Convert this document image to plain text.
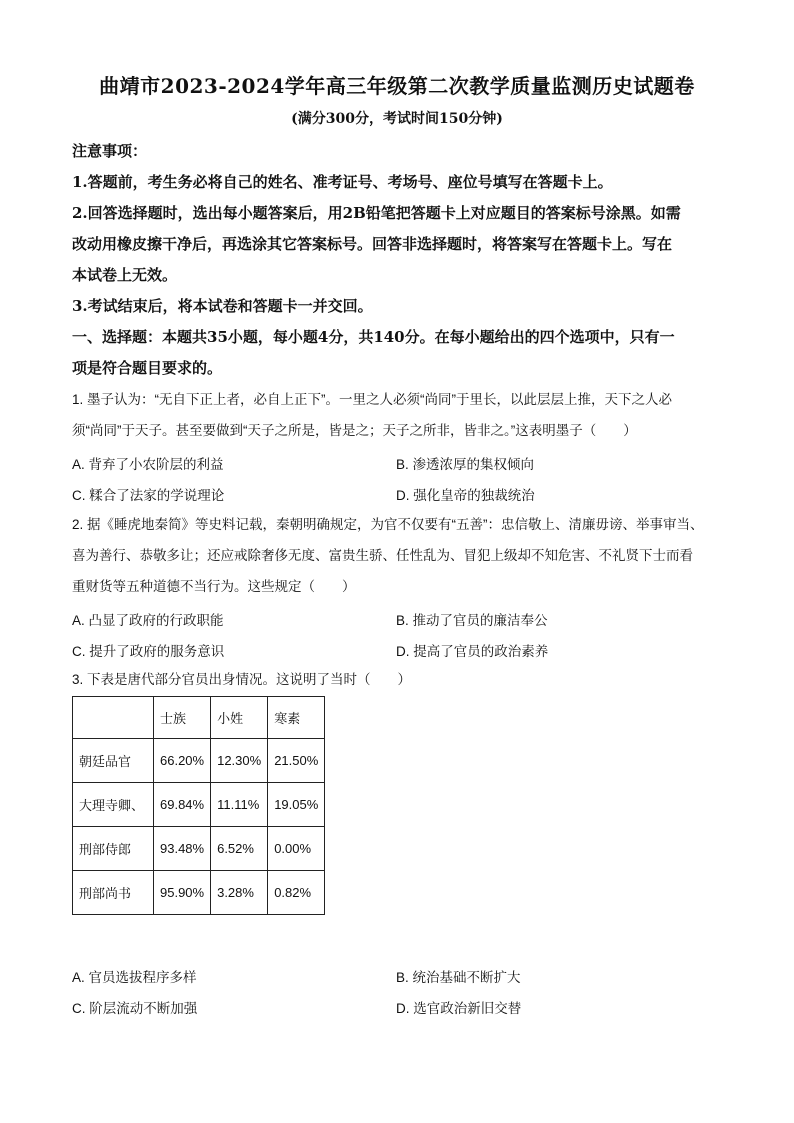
曲靖市2023-2024学年高三年级第二次教学质量监测历史试题卷
(满分300分，考试时间150分钟)

注意事项：

1.答题前，考生务必将自己的姓名、准考证号、考场号、座位号填写在答题卡上。

2.回答选择题时，选出每小题答案后，用2B铅笔把答题卡上对应题目的答案标号涂黑。如需

改动用橡皮擦干净后，再选涂其它答案标号。回答非选择题时，将答案写在答题卡上。写在

本试卷上无效。

3.考试结束后，将本试卷和答题卡一并交回。

一、选择题：本题共35小题，每小题4分，共140分。在每小题给出的四个选项中，只有一

项是符合题目要求的。

1. 墨子认为：“无自下正上者，必自上正下”。一里之人必须“尚同”于里长，以此层层上推，天下之人必

须“尚同”于天子。甚至要做到“天子之所是，皆是之；天子之所非，皆非之。”这表明墨子（　　）

A. 背弃了小农阶层的利益	B. 渗透浓厚的集权倾向
C. 糅合了法家的学说理论	D. 强化皇帝的独裁统治

2. 据《睡虎地秦简》等史料记载，秦朝明确规定，为官不仅要有“五善”：忠信敬上、清廉毋谤、举事审当、

喜为善行、恭敬多让；还应戒除奢侈无度、富贵生骄、任性乱为、冒犯上级却不知危害、不礼贤下士而看

重财货等五种道德不当行为。这些规定（　　）

A. 凸显了政府的行政职能	B. 推动了官员的廉洁奉公
C. 提升了政府的服务意识	D. 提高了官员的政治素养

3. 下表是唐代部分官员出身情况。这说明了当时（　　）

	士族	小姓	寒素
朝廷品官	66.20%	12.30%	21.50%
大理寺卿、	69.84%	11.11%	19.05%
刑部侍郎	93.48%	6.52%	0.00%
刑部尚书	95.90%	3.28%	0.82%
A. 官员选拔程序多样	B. 统治基础不断扩大
C. 阶层流动不断加强	D. 选官政治新旧交替
